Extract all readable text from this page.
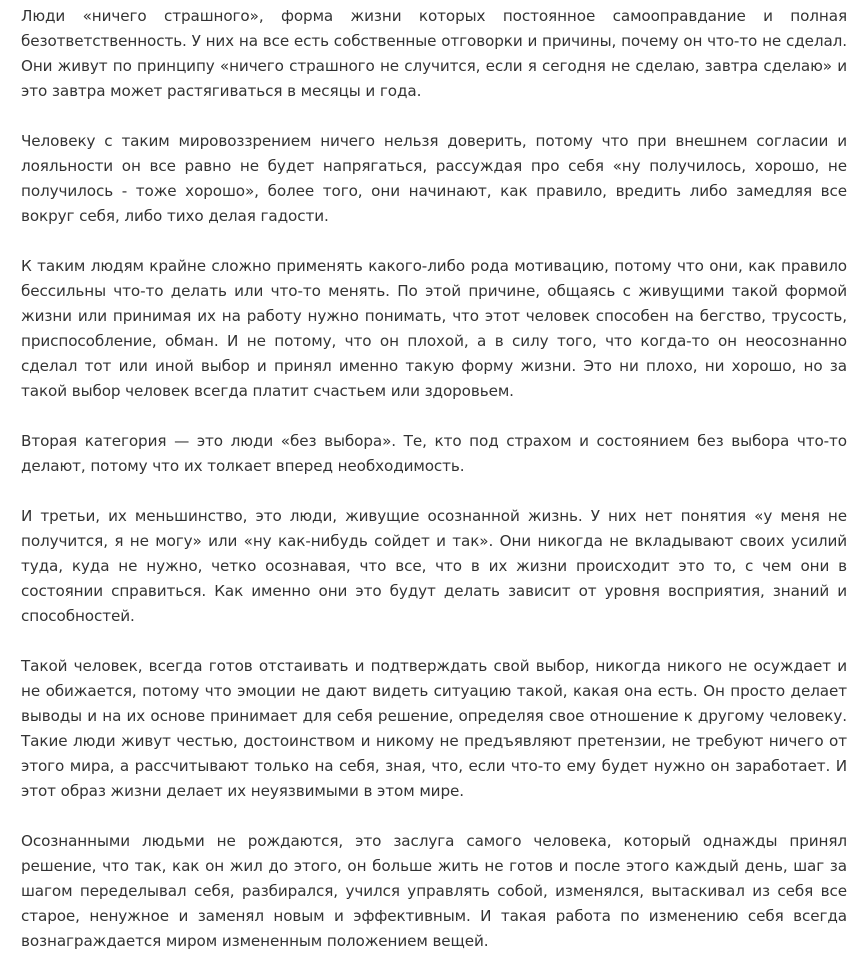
Люди «ничего страшного», форма жизни которых постоянное самооправдание и полная безответственность. У них на все есть собственные отговорки и причины, почему он что-то не сделал. Они живут по принципу «ничего страшного не случится, если я сегодня не сделаю, завтра сделаю» и это завтра может растягиваться в месяцы и года.

Человеку с таким мировоззрением ничего нельзя доверить, потому что при внешнем согласии и лояльности он все равно не будет напрягаться, рассуждая про себя «ну получилось, хорошо, не получилось - тоже хорошо», более того, они начинают, как правило, вредить либо замедляя все вокруг себя, либо тихо делая гадости.

К таким людям крайне сложно применять какого-либо рода мотивацию, потому что они, как правило бессильны что-то делать или что-то менять. По этой причине, общаясь с живущими такой формой жизни или принимая их на работу нужно понимать, что этот человек способен на бегство, трусость, приспособление, обман. И не потому, что он плохой, а в силу того, что когда-то он неосознанно сделал тот или иной выбор и принял именно такую форму жизни. Это ни плохо, ни хорошо, но за такой выбор человек всегда платит счастьем или здоровьем.

Вторая категория — это люди «без выбора». Те, кто под страхом и состоянием без выбора что-то делают, потому что их толкает вперед необходимость.

И третьи, их меньшинство, это люди, живущие осознанной жизнь. У них нет понятия «у меня не получится, я не могу» или «ну как-нибудь сойдет и так». Они никогда не вкладывают своих усилий туда, куда не нужно, четко осознавая, что все, что в их жизни происходит это то, с чем они в состоянии справиться. Как именно они это будут делать зависит от уровня восприятия, знаний и способностей.

Такой человек, всегда готов отстаивать и подтверждать свой выбор, никогда никого не осуждает и не обижается, потому что эмоции не дают видеть ситуацию такой, какая она есть. Он просто делает выводы и на их основе принимает для себя решение, определяя свое отношение к другому человеку. Такие люди живут честью, достоинством и никому не предъявляют претензии, не требуют ничего от этого мира, а рассчитывают только на себя, зная, что, если что-то ему будет нужно он заработает. И этот образ жизни делает их неуязвимыми в этом мире.

Осознанными людьми не рождаются, это заслуга самого человека, который однажды принял решение, что так, как он жил до этого, он больше жить не готов и после этого каждый день, шаг за шагом переделывал себя, разбирался, учился управлять собой, изменялся, вытаскивал из себя все старое, ненужное и заменял новым и эффективным. И такая работа по изменению себя всегда вознаграждается миром измененным положением вещей.
